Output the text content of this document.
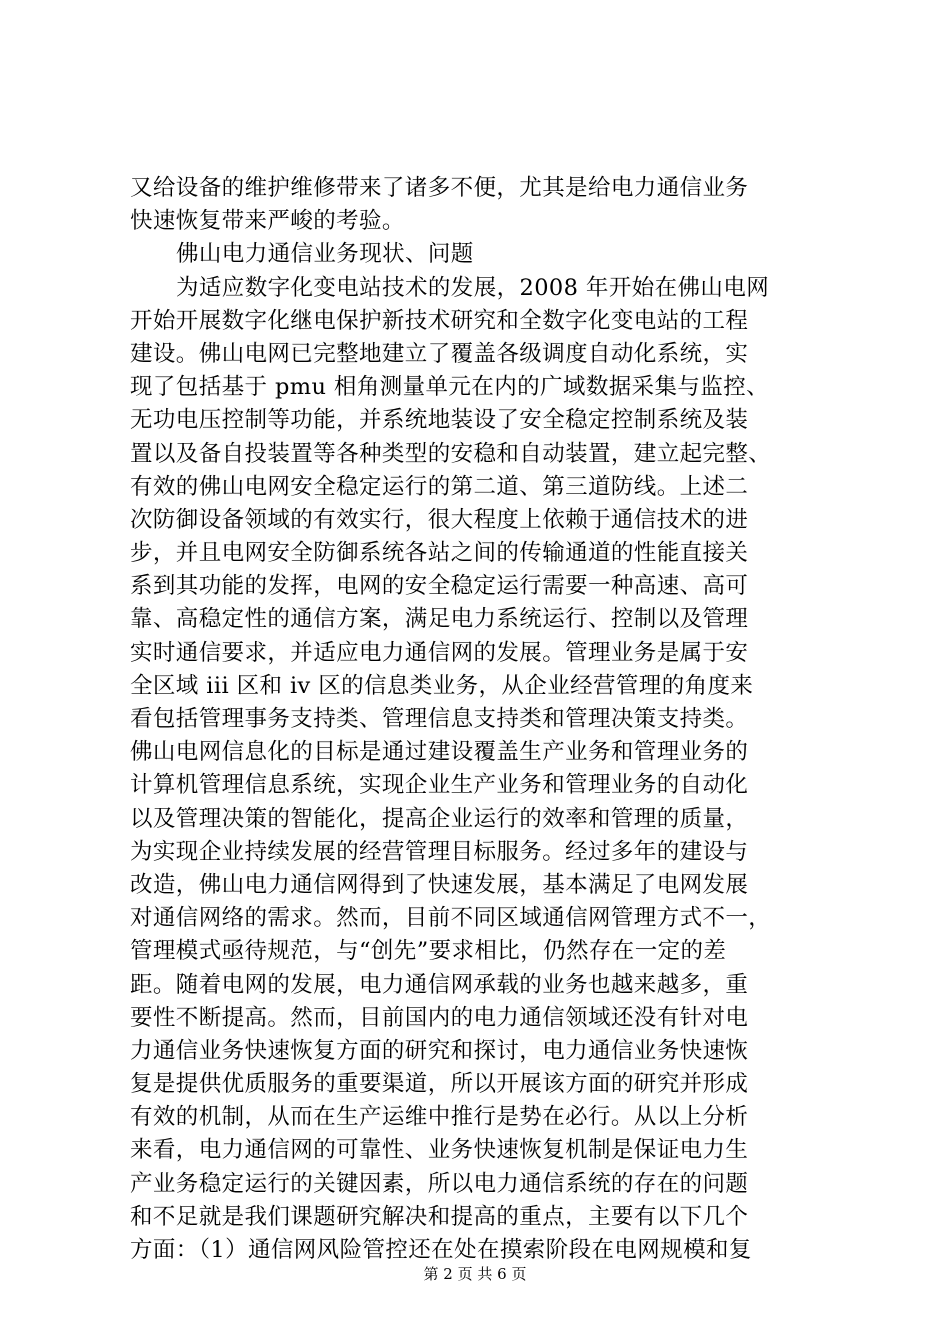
又给设备的维护维修带来了诸多不便，尤其是给电力通信业务
快速恢复带来严峻的考验。
佛山电力通信业务现状、问题
为适应数字化变电站技术的发展，2008 年开始在佛山电网
开始开展数字化继电保护新技术研究和全数字化变电站的工程
建设。佛山电网已完整地建立了覆盖各级调度自动化系统，实
现了包括基于 pmu 相角测量单元在内的广域数据采集与监控、
无功电压控制等功能，并系统地装设了安全稳定控制系统及装
置以及备自投装置等各种类型的安稳和自动装置，建立起完整、
有效的佛山电网安全稳定运行的第二道、第三道防线。上述二
次防御设备领域的有效实行，很大程度上依赖于通信技术的进
步，并且电网安全防御系统各站之间的传输通道的性能直接关
系到其功能的发挥，电网的安全稳定运行需要一种高速、高可
靠、高稳定性的通信方案，满足电力系统运行、控制以及管理
实时通信要求，并适应电力通信网的发展。管理业务是属于安
全区域 iii 区和 iv 区的信息类业务，从企业经营管理的角度来
看包括管理事务支持类、管理信息支持类和管理决策支持类。
佛山电网信息化的目标是通过建设覆盖生产业务和管理业务的
计算机管理信息系统，实现企业生产业务和管理业务的自动化
以及管理决策的智能化，提高企业运行的效率和管理的质量，
为实现企业持续发展的经营管理目标服务。经过多年的建设与
改造，佛山电力通信网得到了快速发展，基本满足了电网发展
对通信网络的需求。然而，目前不同区域通信网管理方式不一，
管理模式亟待规范，与“创先”要求相比，仍然存在一定的差
距。随着电网的发展，电力通信网承载的业务也越来越多，重
要性不断提高。然而，目前国内的电力通信领域还没有针对电
力通信业务快速恢复方面的研究和探讨，电力通信业务快速恢
复是提供优质服务的重要渠道，所以开展该方面的研究并形成
有效的机制，从而在生产运维中推行是势在必行。从以上分析
来看，电力通信网的可靠性、业务快速恢复机制是保证电力生
产业务稳定运行的关键因素，所以电力通信系统的存在的问题
和不足就是我们课题研究解决和提高的重点，主要有以下几个
方面：（1）通信网风险管控还在处在摸索阶段在电网规模和复
第 2 页 共 6 页
